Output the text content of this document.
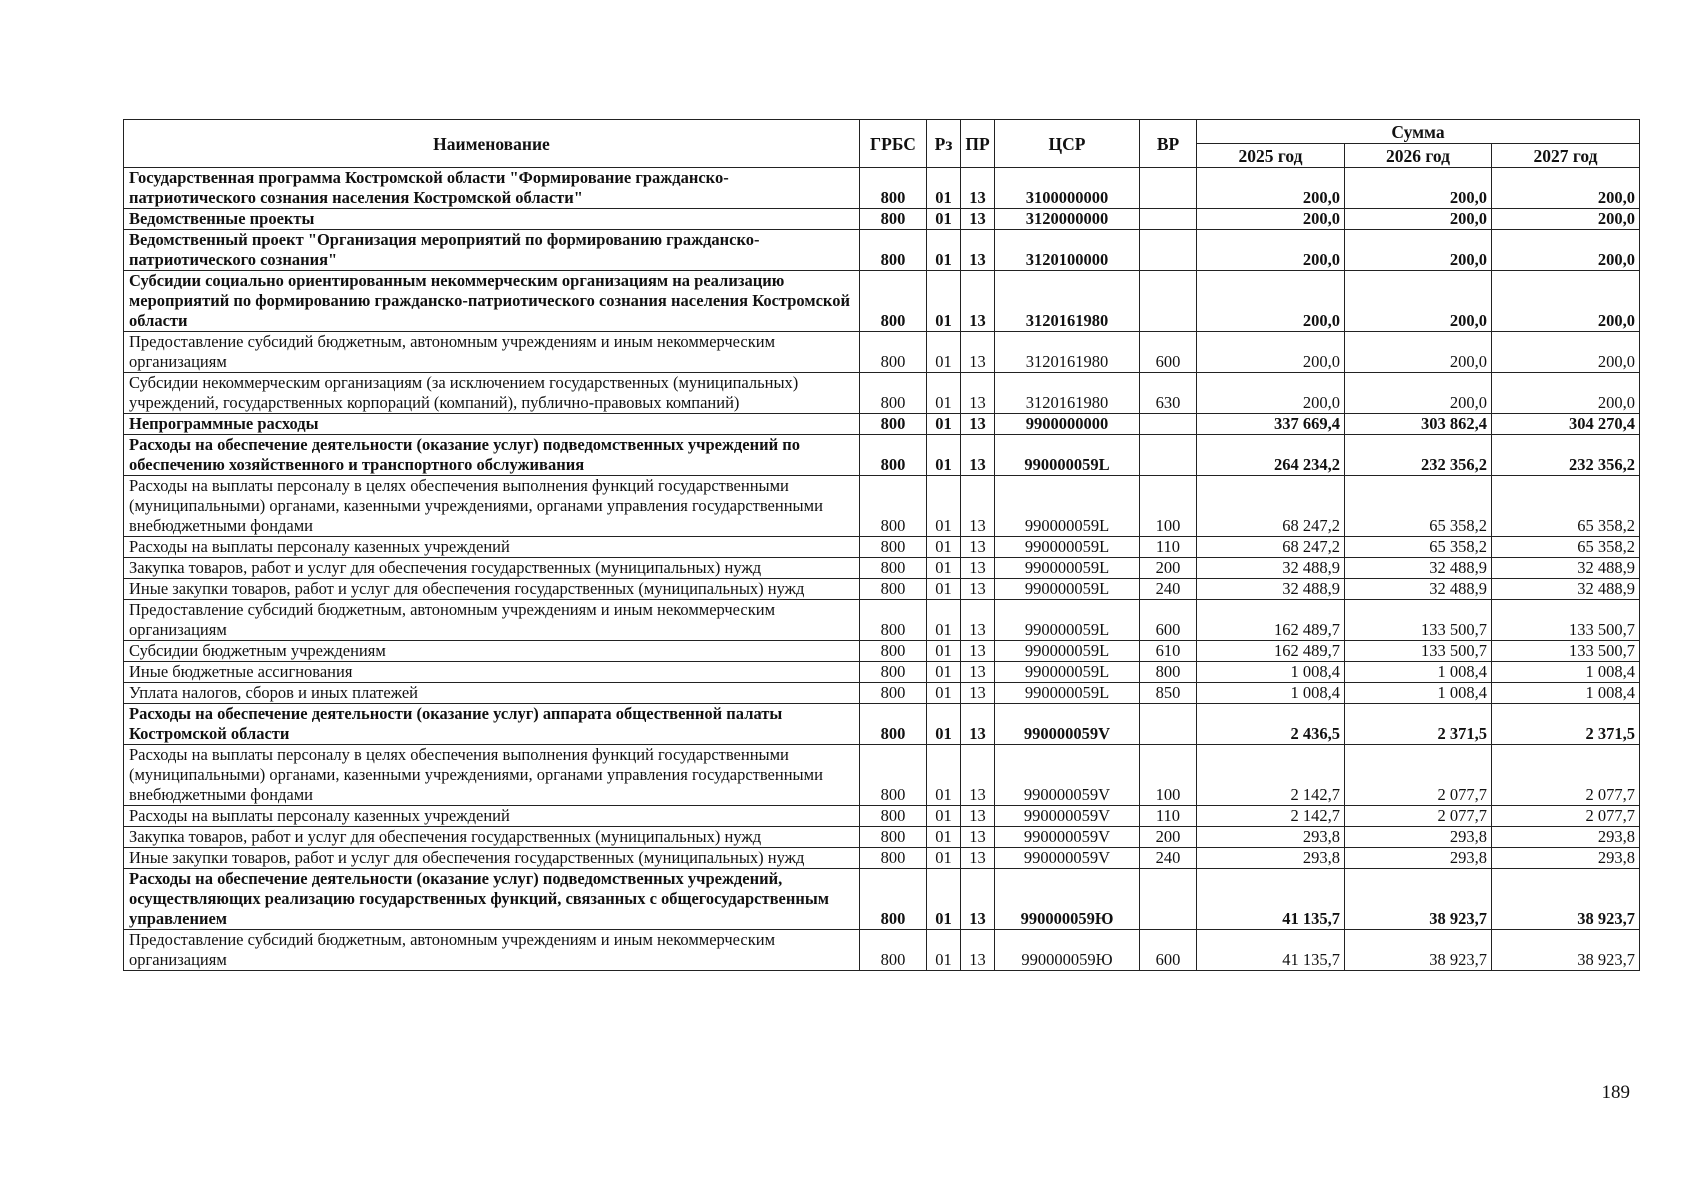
Наименование	ГРБС	Рз	ПР	ЦСР	ВР	Сумма		
						2025 год	2026 год	2027 год
Государственная программа Костромской области "Формирование гражданско-патриотического сознания населения Костромской области"	800	01	13	3100000000		200,0	200,0	200,0
Ведомственные проекты	800	01	13	3120000000		200,0	200,0	200,0
Ведомственный проект "Организация мероприятий по формированию гражданско-патриотического сознания"	800	01	13	3120100000		200,0	200,0	200,0
Субсидии социально ориентированным некоммерческим организациям на реализацию мероприятий по формированию гражданско-патриотического сознания населения Костромской области	800	01	13	3120161980		200,0	200,0	200,0
Предоставление субсидий бюджетным, автономным учреждениям и иным некоммерческим организациям	800	01	13	3120161980	600	200,0	200,0	200,0
Субсидии некоммерческим организациям (за исключением государственных (муниципальных) учреждений, государственных корпораций (компаний), публично-правовых компаний)	800	01	13	3120161980	630	200,0	200,0	200,0
Непрограммные расходы	800	01	13	9900000000		337 669,4	303 862,4	304 270,4
Расходы на обеспечение деятельности (оказание услуг) подведомственных учреждений по обеспечению хозяйственного и транспортного обслуживания	800	01	13	990000059L		264 234,2	232 356,2	232 356,2
Расходы на выплаты персоналу в целях обеспечения выполнения функций государственными (муниципальными) органами, казенными учреждениями, органами управления государственными внебюджетными фондами	800	01	13	990000059L	100	68 247,2	65 358,2	65 358,2
Расходы на выплаты персоналу казенных учреждений	800	01	13	990000059L	110	68 247,2	65 358,2	65 358,2
Закупка товаров, работ и услуг для обеспечения государственных (муниципальных) нужд	800	01	13	990000059L	200	32 488,9	32 488,9	32 488,9
Иные закупки товаров, работ и услуг для обеспечения государственных (муниципальных) нужд	800	01	13	990000059L	240	32 488,9	32 488,9	32 488,9
Предоставление субсидий бюджетным, автономным учреждениям и иным некоммерческим организациям	800	01	13	990000059L	600	162 489,7	133 500,7	133 500,7
Субсидии бюджетным учреждениям	800	01	13	990000059L	610	162 489,7	133 500,7	133 500,7
Иные бюджетные ассигнования	800	01	13	990000059L	800	1 008,4	1 008,4	1 008,4
Уплата налогов, сборов и иных платежей	800	01	13	990000059L	850	1 008,4	1 008,4	1 008,4
Расходы на обеспечение деятельности (оказание услуг) аппарата общественной палаты Костромской области	800	01	13	990000059V		2 436,5	2 371,5	2 371,5
Расходы на выплаты персоналу в целях обеспечения выполнения функций государственными (муниципальными) органами, казенными учреждениями, органами управления государственными внебюджетными фондами	800	01	13	990000059V	100	2 142,7	2 077,7	2 077,7
Расходы на выплаты персоналу казенных учреждений	800	01	13	990000059V	110	2 142,7	2 077,7	2 077,7
Закупка товаров, работ и услуг для обеспечения государственных (муниципальных) нужд	800	01	13	990000059V	200	293,8	293,8	293,8
Иные закупки товаров, работ и услуг для обеспечения государственных (муниципальных) нужд	800	01	13	990000059V	240	293,8	293,8	293,8
Расходы на обеспечение деятельности (оказание услуг) подведомственных учреждений, осуществляющих реализацию государственных функций, связанных с общегосударственным управлением	800	01	13	990000059Ю		41 135,7	38 923,7	38 923,7
Предоставление субсидий бюджетным, автономным учреждениям и иным некоммерческим организациям	800	01	13	990000059Ю	600	41 135,7	38 923,7	38 923,7
189
